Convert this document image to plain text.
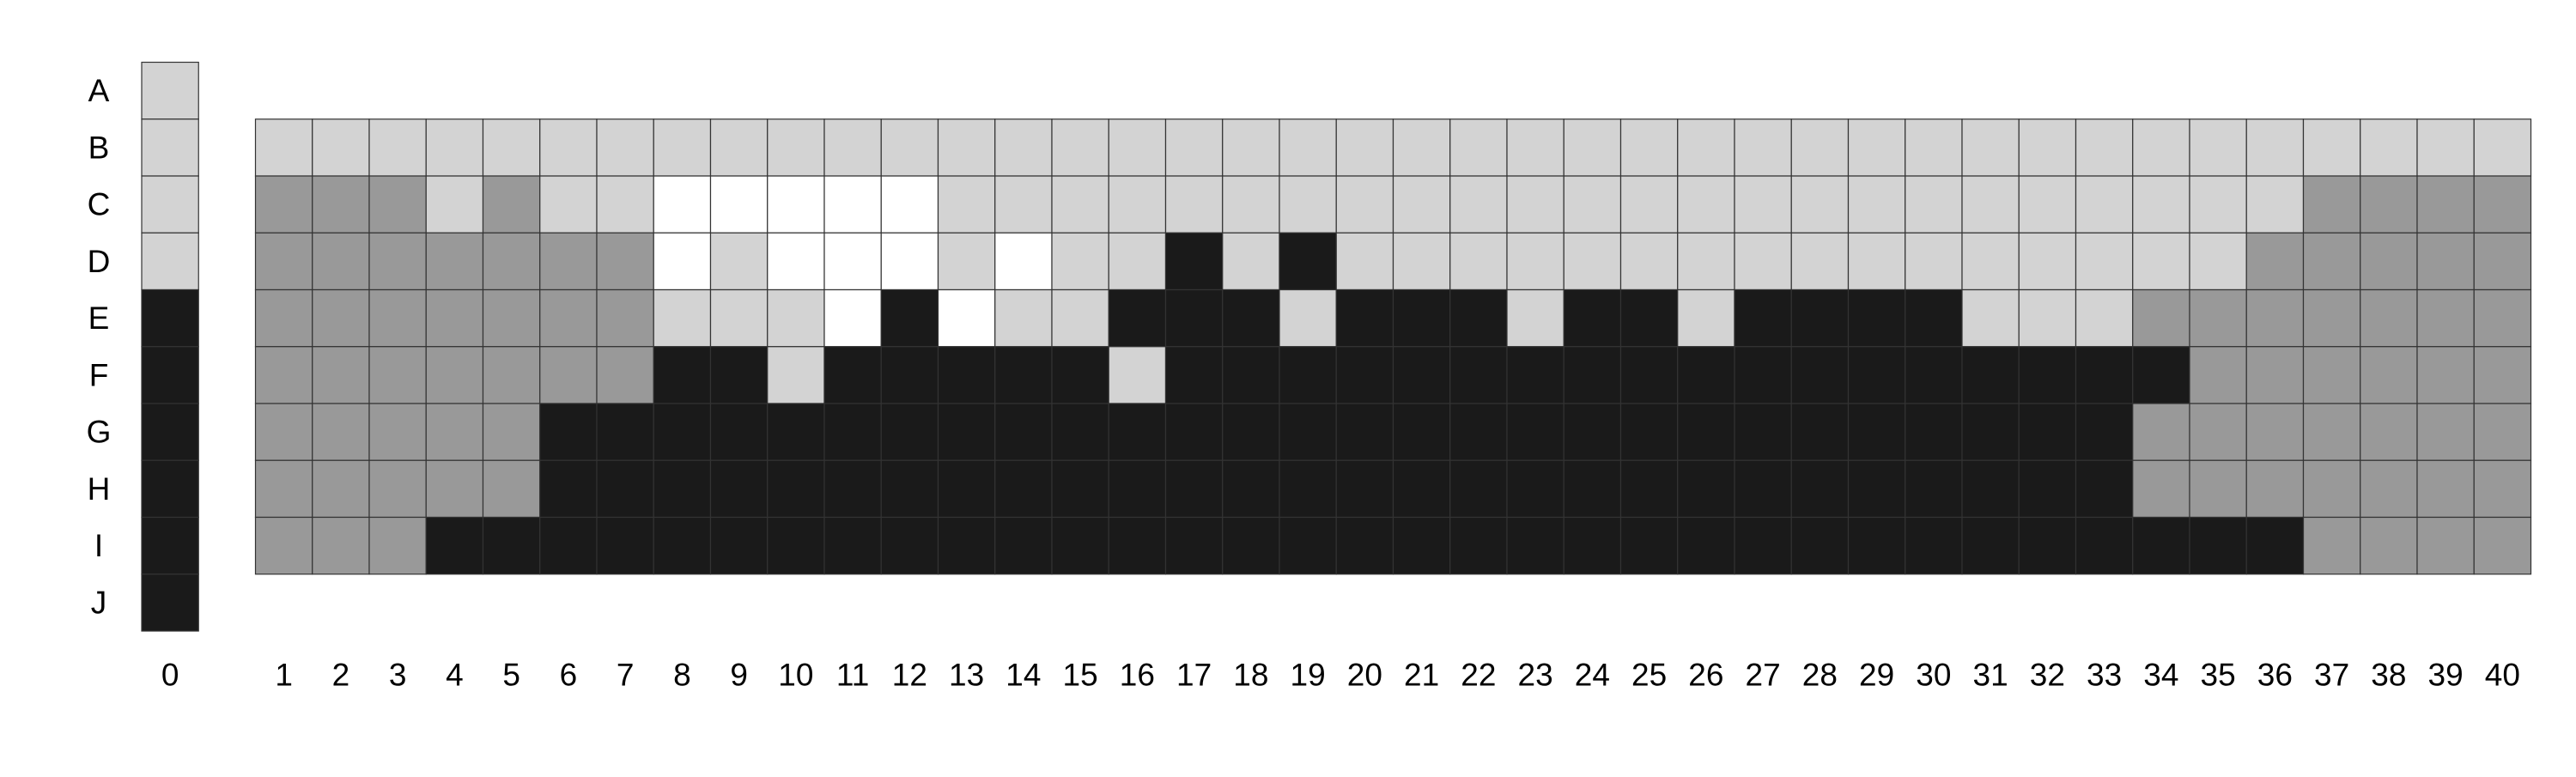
A
B
C
D
E
F
G
H
I
J
0	1 2 3 4 5 6 7 8 9 10 11 12 13 14 15 16 17 18 19 20 21 22 23 24 25 26 27 28 29 30 31 32 33 34 35 36 37 38 39 40
